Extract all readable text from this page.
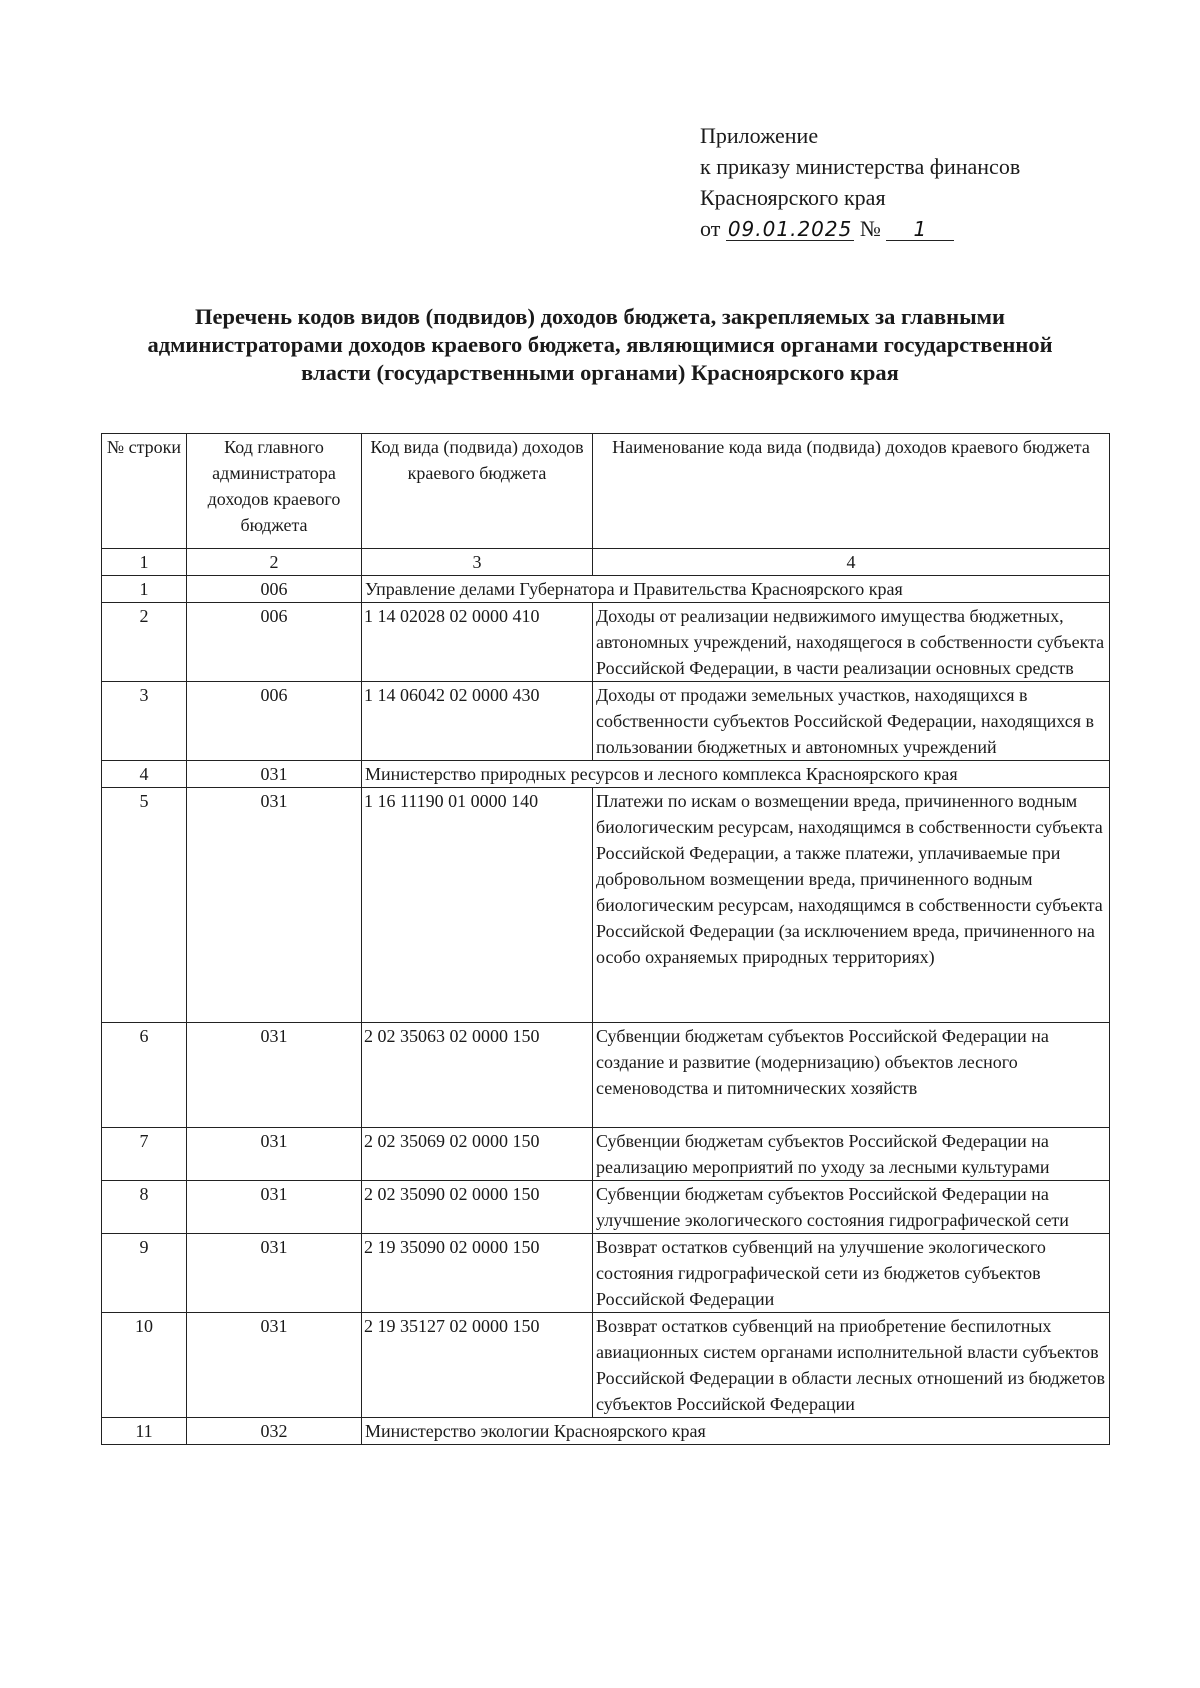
Приложение
к приказу министерства финансов
Красноярского края
от 09.01.2025 № 1
Перечень кодов видов (подвидов) доходов бюджета, закрепляемых за главными
администраторами доходов краевого бюджета, являющимися органами государственной
власти (государственными органами) Красноярского края
№ строки	Код главного администратора доходов краевого бюджета	Код вида (подвида) доходов краевого бюджета	Наименование кода вида (подвида) доходов краевого бюджета
1	2	3	4
1	006	Управление делами Губернатора и Правительства Красноярского края	
2	006	1 14 02028 02 0000 410	Доходы от реализации недвижимого имущества бюджетных, автономных учреждений, находящегося в собственности субъекта Российской Федерации, в части реализации основных средств
3	006	1 14 06042 02 0000 430	Доходы от продажи земельных участков, находящихся в собственности субъектов Российской Федерации, находящихся в пользовании бюджетных и автономных учреждений
4	031	Министерство природных ресурсов и лесного комплекса Красноярского края	
5	031	1 16 11190 01 0000 140	Платежи по искам о возмещении вреда, причиненного водным биологическим ресурсам, находящимся в собственности субъекта Российской Федерации, а также платежи, уплачиваемые при добровольном возмещении вреда, причиненного водным биологическим ресурсам, находящимся в собственности субъекта Российской Федерации (за исключением вреда, причиненного на особо охраняемых природных территориях)
6	031	2 02 35063 02 0000 150	Субвенции бюджетам субъектов Российской Федерации на создание и развитие (модернизацию) объектов лесного семеноводства и питомнических хозяйств
7	031	2 02 35069 02 0000 150	Субвенции бюджетам субъектов Российской Федерации на реализацию мероприятий по уходу за лесными культурами
8	031	2 02 35090 02 0000 150	Субвенции бюджетам субъектов Российской Федерации на улучшение экологического состояния гидрографической сети
9	031	2 19 35090 02 0000 150	Возврат остатков субвенций на улучшение экологического состояния гидрографической сети из бюджетов субъектов Российской Федерации
10	031	2 19 35127 02 0000 150	Возврат остатков субвенций на приобретение беспилотных авиационных систем органами исполнительной власти субъектов Российской Федерации в области лесных отношений из бюджетов субъектов Российской Федерации
11	032	Министерство экологии Красноярского края	
